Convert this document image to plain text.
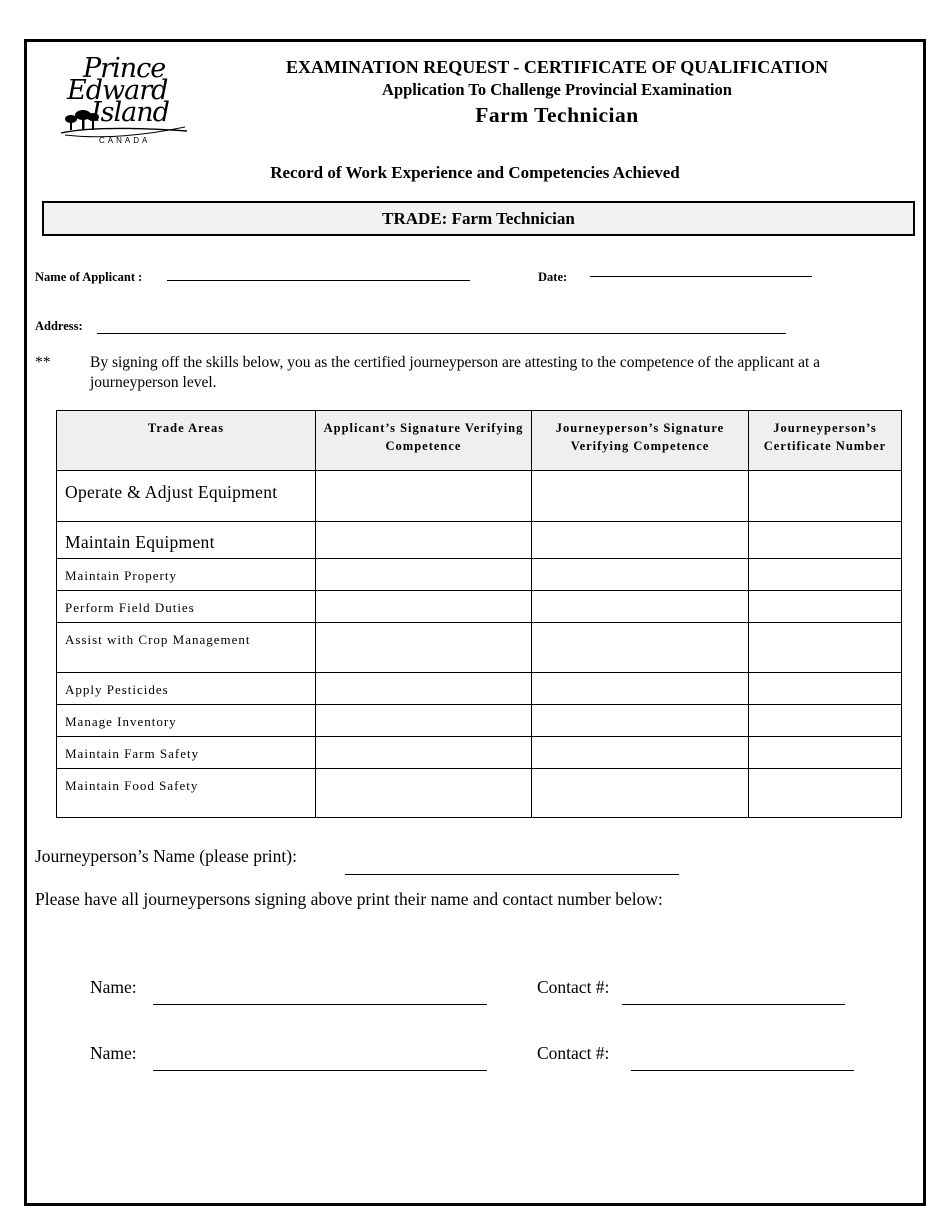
Prince
Edward
Island
CANADA
EXAMINATION REQUEST - CERTIFICATE OF QUALIFICATION
Application To Challenge Provincial Examination
Farm Technician
Record of Work Experience and Competencies Achieved
TRADE: Farm Technician
Name of Applicant :	Date:
Address:
**	By signing off the skills below, you as the certified journeyperson are attesting to the competence of the applicant at a journeyperson level.
Trade Areas	Applicant’s Signature Verifying Competence	Journeyperson’s Signature Verifying Competence	Journeyperson’s Certificate Number
Operate & Adjust Equipment			
Maintain Equipment			
Maintain Property			
Perform Field Duties			
Assist with Crop Management			
Apply Pesticides			
Manage Inventory			
Maintain Farm Safety			
Maintain Food Safety			
Journeyperson’s Name (please print):
Please have all journeypersons signing above print their name and contact number below:
Name:	Contact #:
Name:	Contact #:
